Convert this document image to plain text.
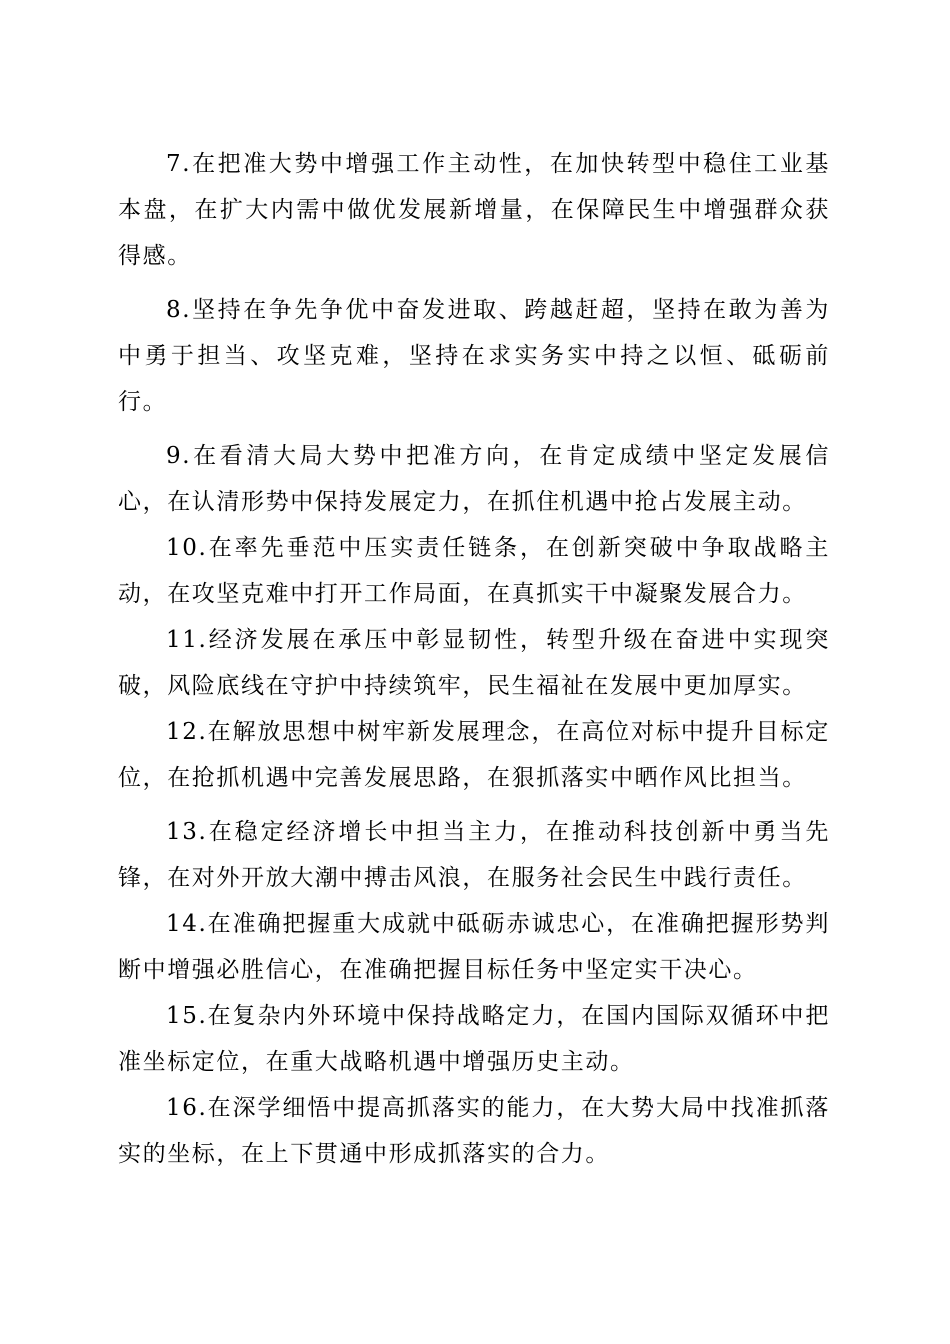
7.在把准大势中增强工作主动性，在加快转型中稳住工业基本盘，在扩大内需中做优发展新增量，在保障民生中增强群众获得感。

8.坚持在争先争优中奋发进取、跨越赶超，坚持在敢为善为中勇于担当、攻坚克难，坚持在求实务实中持之以恒、砥砺前行。

9.在看清大局大势中把准方向，在肯定成绩中坚定发展信心，在认清形势中保持发展定力，在抓住机遇中抢占发展主动。

10.在率先垂范中压实责任链条，在创新突破中争取战略主动，在攻坚克难中打开工作局面，在真抓实干中凝聚发展合力。

11.经济发展在承压中彰显韧性，转型升级在奋进中实现突破，风险底线在守护中持续筑牢，民生福祉在发展中更加厚实。

12.在解放思想中树牢新发展理念，在高位对标中提升目标定位，在抢抓机遇中完善发展思路，在狠抓落实中晒作风比担当。

13.在稳定经济增长中担当主力，在推动科技创新中勇当先锋，在对外开放大潮中搏击风浪，在服务社会民生中践行责任。

14.在准确把握重大成就中砥砺赤诚忠心，在准确把握形势判断中增强必胜信心，在准确把握目标任务中坚定实干决心。

15.在复杂内外环境中保持战略定力，在国内国际双循环中把准坐标定位，在重大战略机遇中增强历史主动。

16.在深学细悟中提高抓落实的能力，在大势大局中找准抓落实的坐标，在上下贯通中形成抓落实的合力。
